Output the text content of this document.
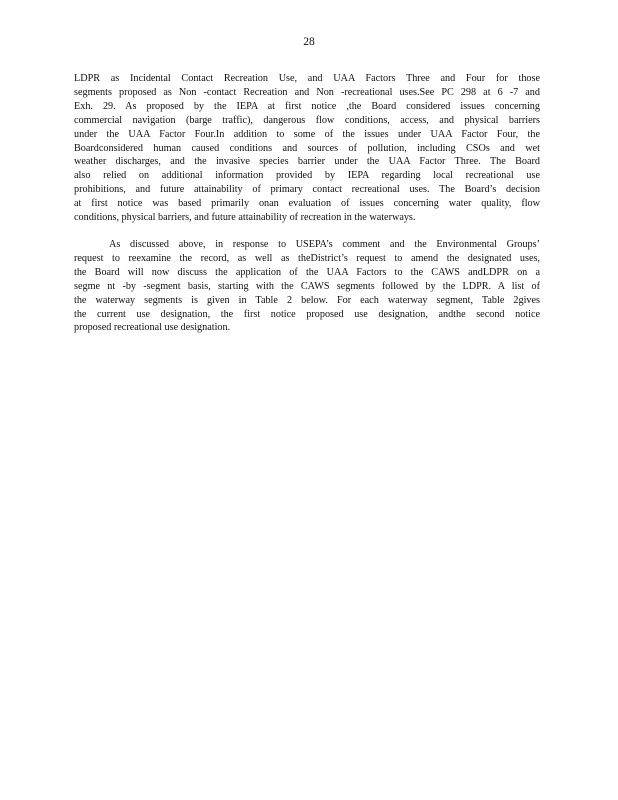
28
LDPR as Incidental Contact Recreation Use, and UAA Factors Three and Four for those
segments proposed as Non -contact Recreation and Non -recreational uses.See PC 298 at 6 -7 and
Exh. 29. As proposed by the IEPA at first notice ,the Board considered issues concerning
commercial navigation (barge traffic), dangerous flow conditions, access, and physical barriers
under the UAA Factor Four.In addition to some of the issues under UAA Factor Four, the
Boardconsidered human caused conditions and sources of pollution, including CSOs and wet
weather discharges, and the invasive species barrier under the UAA Factor Three. The Board
also relied on additional information provided by IEPA regarding local recreational use
prohibitions, and future attainability of primary contact recreational uses. The Board’s decision
at first notice was based primarily onan evaluation of issues concerning water quality, flow
conditions, physical barriers, and future attainability of recreation in the waterways.
As discussed above, in response to USEPA’s comment and the Environmental Groups’
request to reexamine the record, as well as theDistrict’s request to amend the designated uses,
the Board will now discuss the application of the UAA Factors to the CAWS andLDPR on a
segme nt -by -segment basis, starting with the CAWS segments followed by the LDPR. A list of
the waterway segments is given in Table 2 below. For each waterway segment, Table 2gives
the current use designation, the first notice proposed use designation, andthe second notice
proposed recreational use designation.
